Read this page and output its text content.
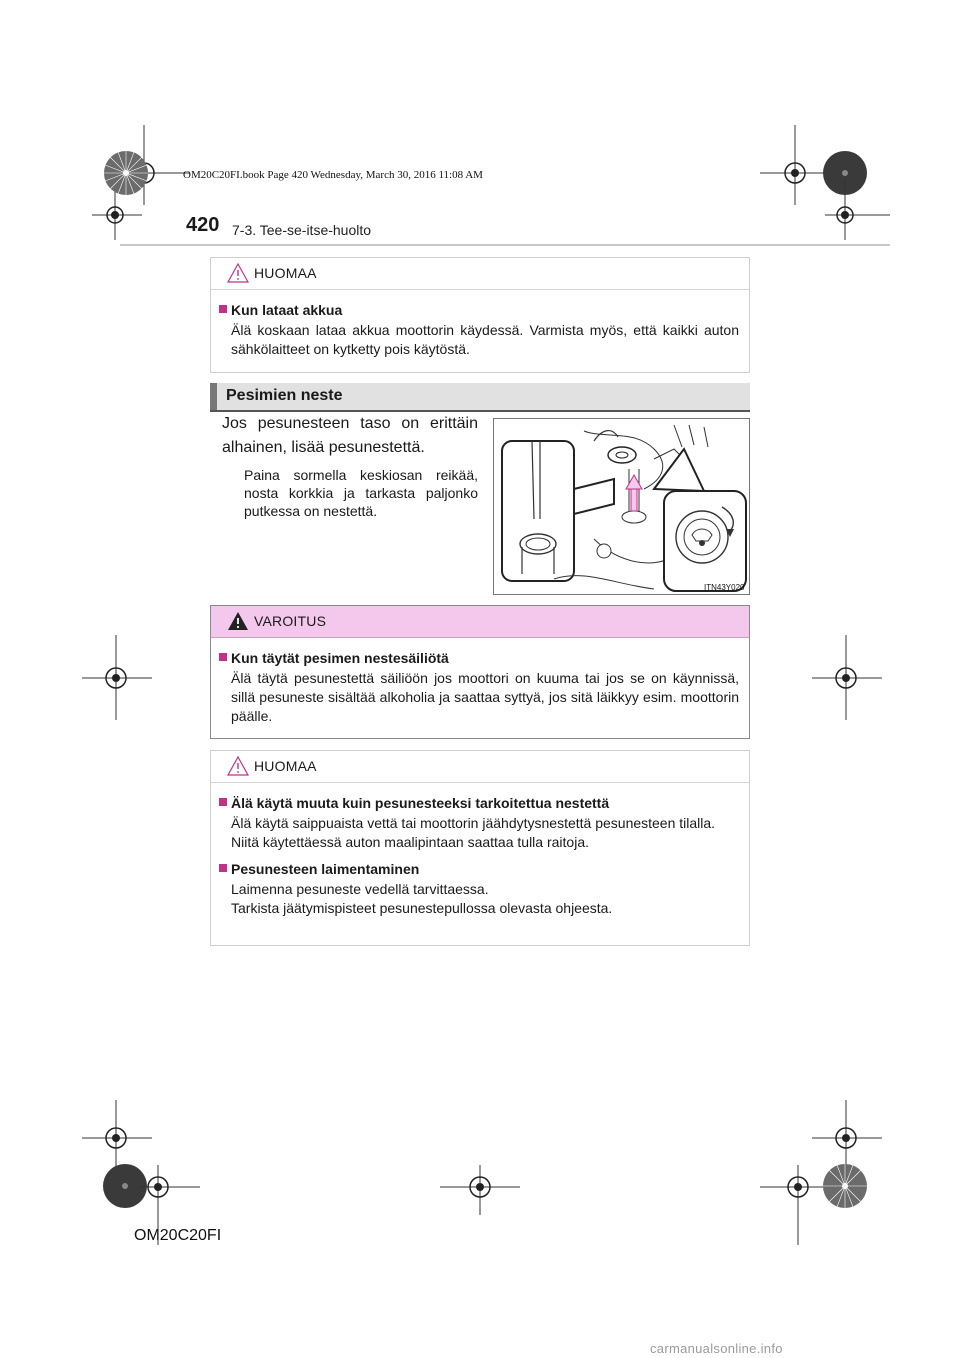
OM20C20FI.book Page 420 Wednesday, March 30, 2016 11:08 AM
420 7-3. Tee-se-itse-huolto
HUOMAA
Kun lataat akkua
Älä koskaan lataa akkua moottorin käydessä. Varmista myös, että kaikki auton sähkölaitteet on kytketty pois käytöstä.
Pesimien neste
Jos pesunesteen taso on erittäin alhainen, lisää pesunestettä.
Paina sormella keskiosan reikää, nosta korkkia ja tarkasta paljonko putkessa on nestettä.
ITN43Y020
VAROITUS
Kun täytät pesimen nestesäiliötä
Älä täytä pesunestettä säiliöön jos moottori on kuuma tai jos se on käynnissä, sillä pesuneste sisältää alkoholia ja saattaa syttyä, jos sitä läikkyy esim. moottorin päälle.
HUOMAA
Älä käytä muuta kuin pesunesteeksi tarkoitettua nestettä
Älä käytä saippuaista vettä tai moottorin jäähdytysnestettä pesunesteen tilalla.
Niitä käytettäessä auton maalipintaan saattaa tulla raitoja.
Pesunesteen laimentaminen
Laimenna pesuneste vedellä tarvittaessa.
Tarkista jäätymispisteet pesunestepullossa olevasta ohjeesta.
OM20C20FI
carmanualsonline.info
